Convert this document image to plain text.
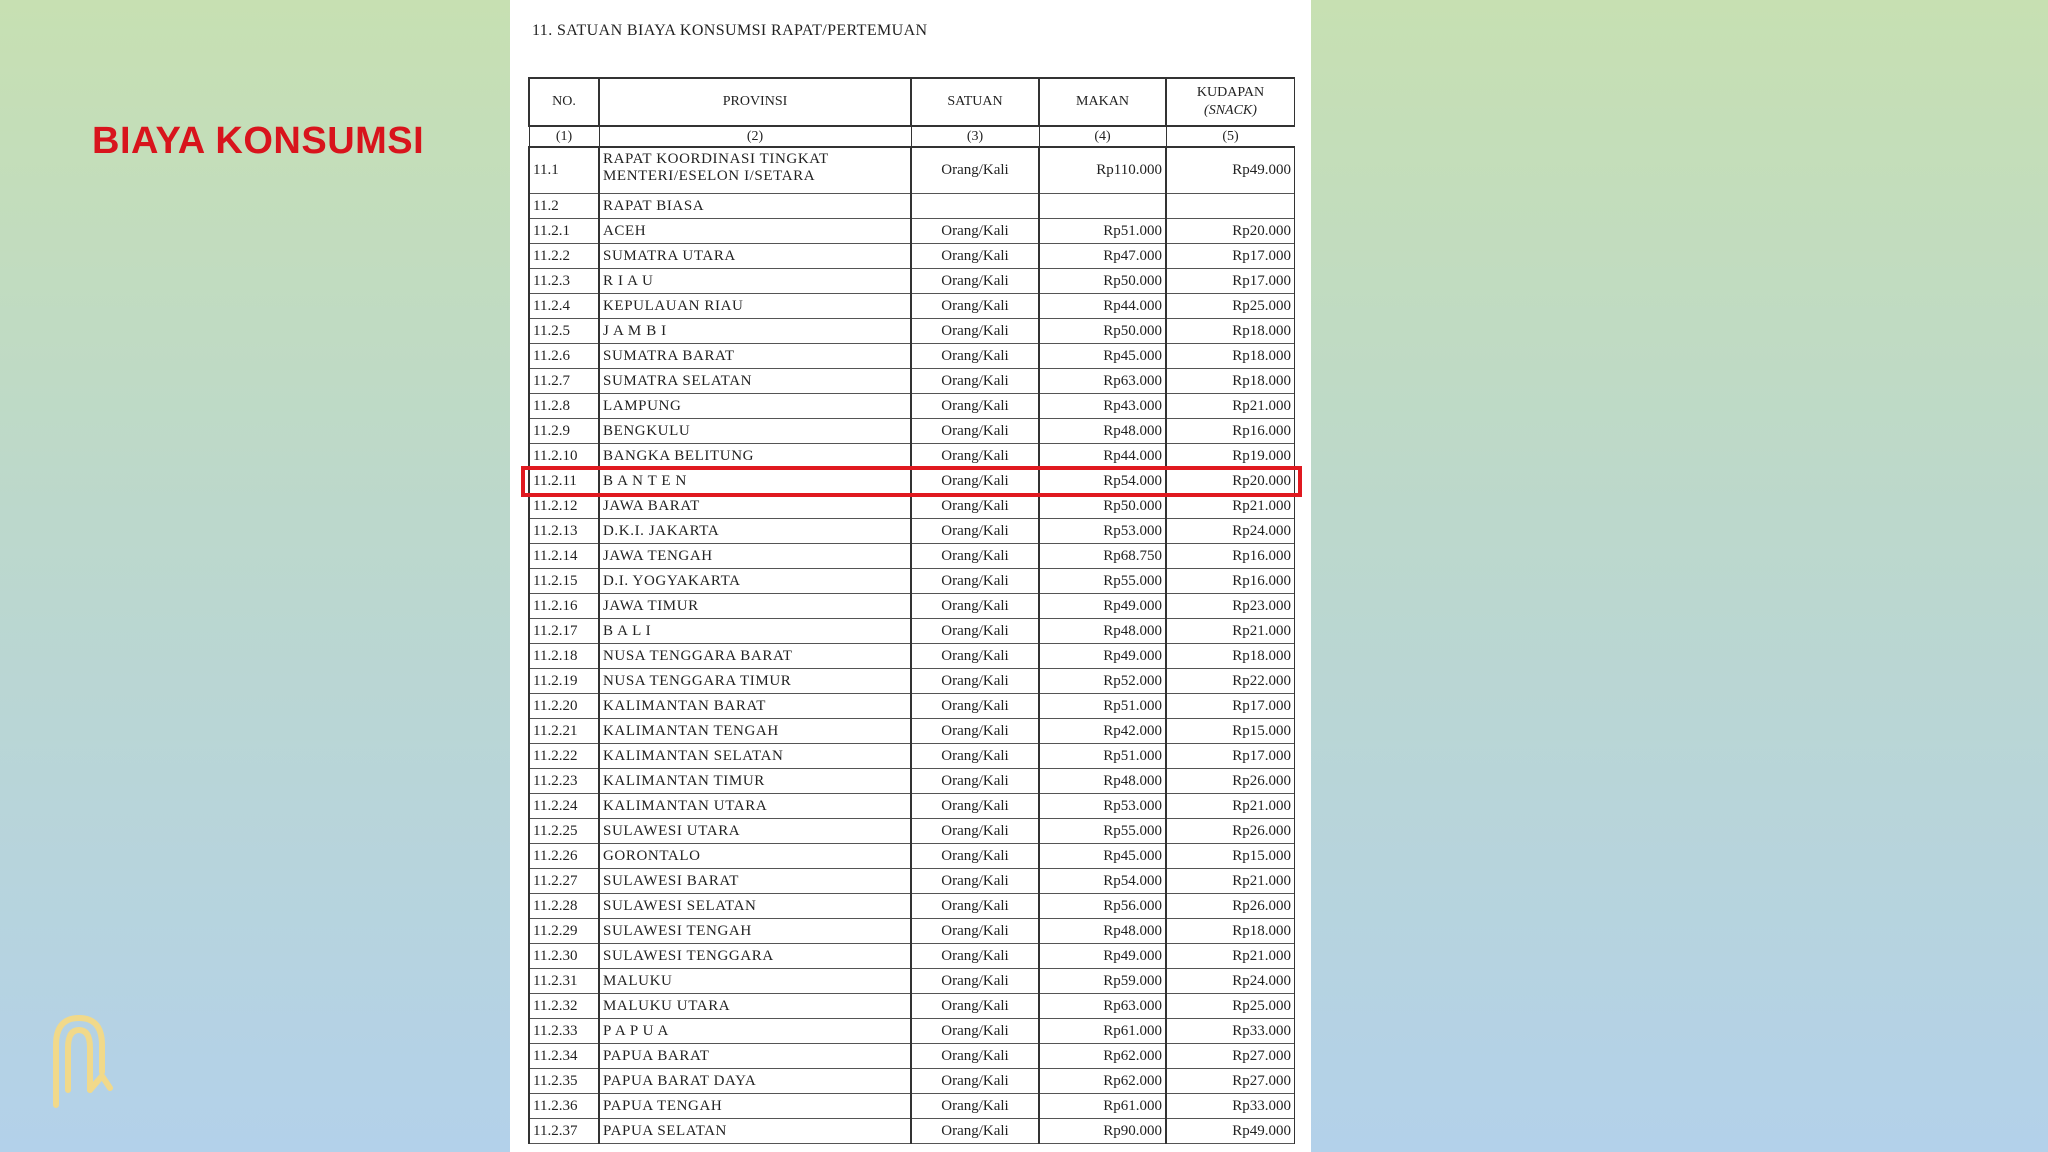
BIAYA KONSUMSI
11. SATUAN BIAYA KONSUMSI RAPAT/PERTEMUAN
NO.	PROVINSI	SATUAN	MAKAN	KUDAPAN
(SNACK)

(1)	(2)	(3)	(4)	(5)
11.1	RAPAT KOORDINASI TINGKAT MENTERI/ESELON I/SETARA	Orang/Kali	Rp110.000	Rp49.000
11.2	RAPAT BIASA			
11.2.1	ACEH	Orang/Kali	Rp51.000	Rp20.000
11.2.2	SUMATRA UTARA	Orang/Kali	Rp47.000	Rp17.000
11.2.3	R I A U	Orang/Kali	Rp50.000	Rp17.000
11.2.4	KEPULAUAN RIAU	Orang/Kali	Rp44.000	Rp25.000
11.2.5	J A M B I	Orang/Kali	Rp50.000	Rp18.000
11.2.6	SUMATRA BARAT	Orang/Kali	Rp45.000	Rp18.000
11.2.7	SUMATRA SELATAN	Orang/Kali	Rp63.000	Rp18.000
11.2.8	LAMPUNG	Orang/Kali	Rp43.000	Rp21.000
11.2.9	BENGKULU	Orang/Kali	Rp48.000	Rp16.000
11.2.10	BANGKA BELITUNG	Orang/Kali	Rp44.000	Rp19.000
11.2.11	B A N T E N	Orang/Kali	Rp54.000	Rp20.000
11.2.12	JAWA BARAT	Orang/Kali	Rp50.000	Rp21.000
11.2.13	D.K.I. JAKARTA	Orang/Kali	Rp53.000	Rp24.000
11.2.14	JAWA TENGAH	Orang/Kali	Rp68.750	Rp16.000
11.2.15	D.I. YOGYAKARTA	Orang/Kali	Rp55.000	Rp16.000
11.2.16	JAWA TIMUR	Orang/Kali	Rp49.000	Rp23.000
11.2.17	B A L I	Orang/Kali	Rp48.000	Rp21.000
11.2.18	NUSA TENGGARA BARAT	Orang/Kali	Rp49.000	Rp18.000
11.2.19	NUSA TENGGARA TIMUR	Orang/Kali	Rp52.000	Rp22.000
11.2.20	KALIMANTAN BARAT	Orang/Kali	Rp51.000	Rp17.000
11.2.21	KALIMANTAN TENGAH	Orang/Kali	Rp42.000	Rp15.000
11.2.22	KALIMANTAN SELATAN	Orang/Kali	Rp51.000	Rp17.000
11.2.23	KALIMANTAN TIMUR	Orang/Kali	Rp48.000	Rp26.000
11.2.24	KALIMANTAN UTARA	Orang/Kali	Rp53.000	Rp21.000
11.2.25	SULAWESI UTARA	Orang/Kali	Rp55.000	Rp26.000
11.2.26	GORONTALO	Orang/Kali	Rp45.000	Rp15.000
11.2.27	SULAWESI BARAT	Orang/Kali	Rp54.000	Rp21.000
11.2.28	SULAWESI SELATAN	Orang/Kali	Rp56.000	Rp26.000
11.2.29	SULAWESI TENGAH	Orang/Kali	Rp48.000	Rp18.000
11.2.30	SULAWESI TENGGARA	Orang/Kali	Rp49.000	Rp21.000
11.2.31	MALUKU	Orang/Kali	Rp59.000	Rp24.000
11.2.32	MALUKU UTARA	Orang/Kali	Rp63.000	Rp25.000
11.2.33	P A P U A	Orang/Kali	Rp61.000	Rp33.000
11.2.34	PAPUA BARAT	Orang/Kali	Rp62.000	Rp27.000
11.2.35	PAPUA BARAT DAYA	Orang/Kali	Rp62.000	Rp27.000
11.2.36	PAPUA TENGAH	Orang/Kali	Rp61.000	Rp33.000
11.2.37	PAPUA SELATAN	Orang/Kali	Rp90.000	Rp49.000
